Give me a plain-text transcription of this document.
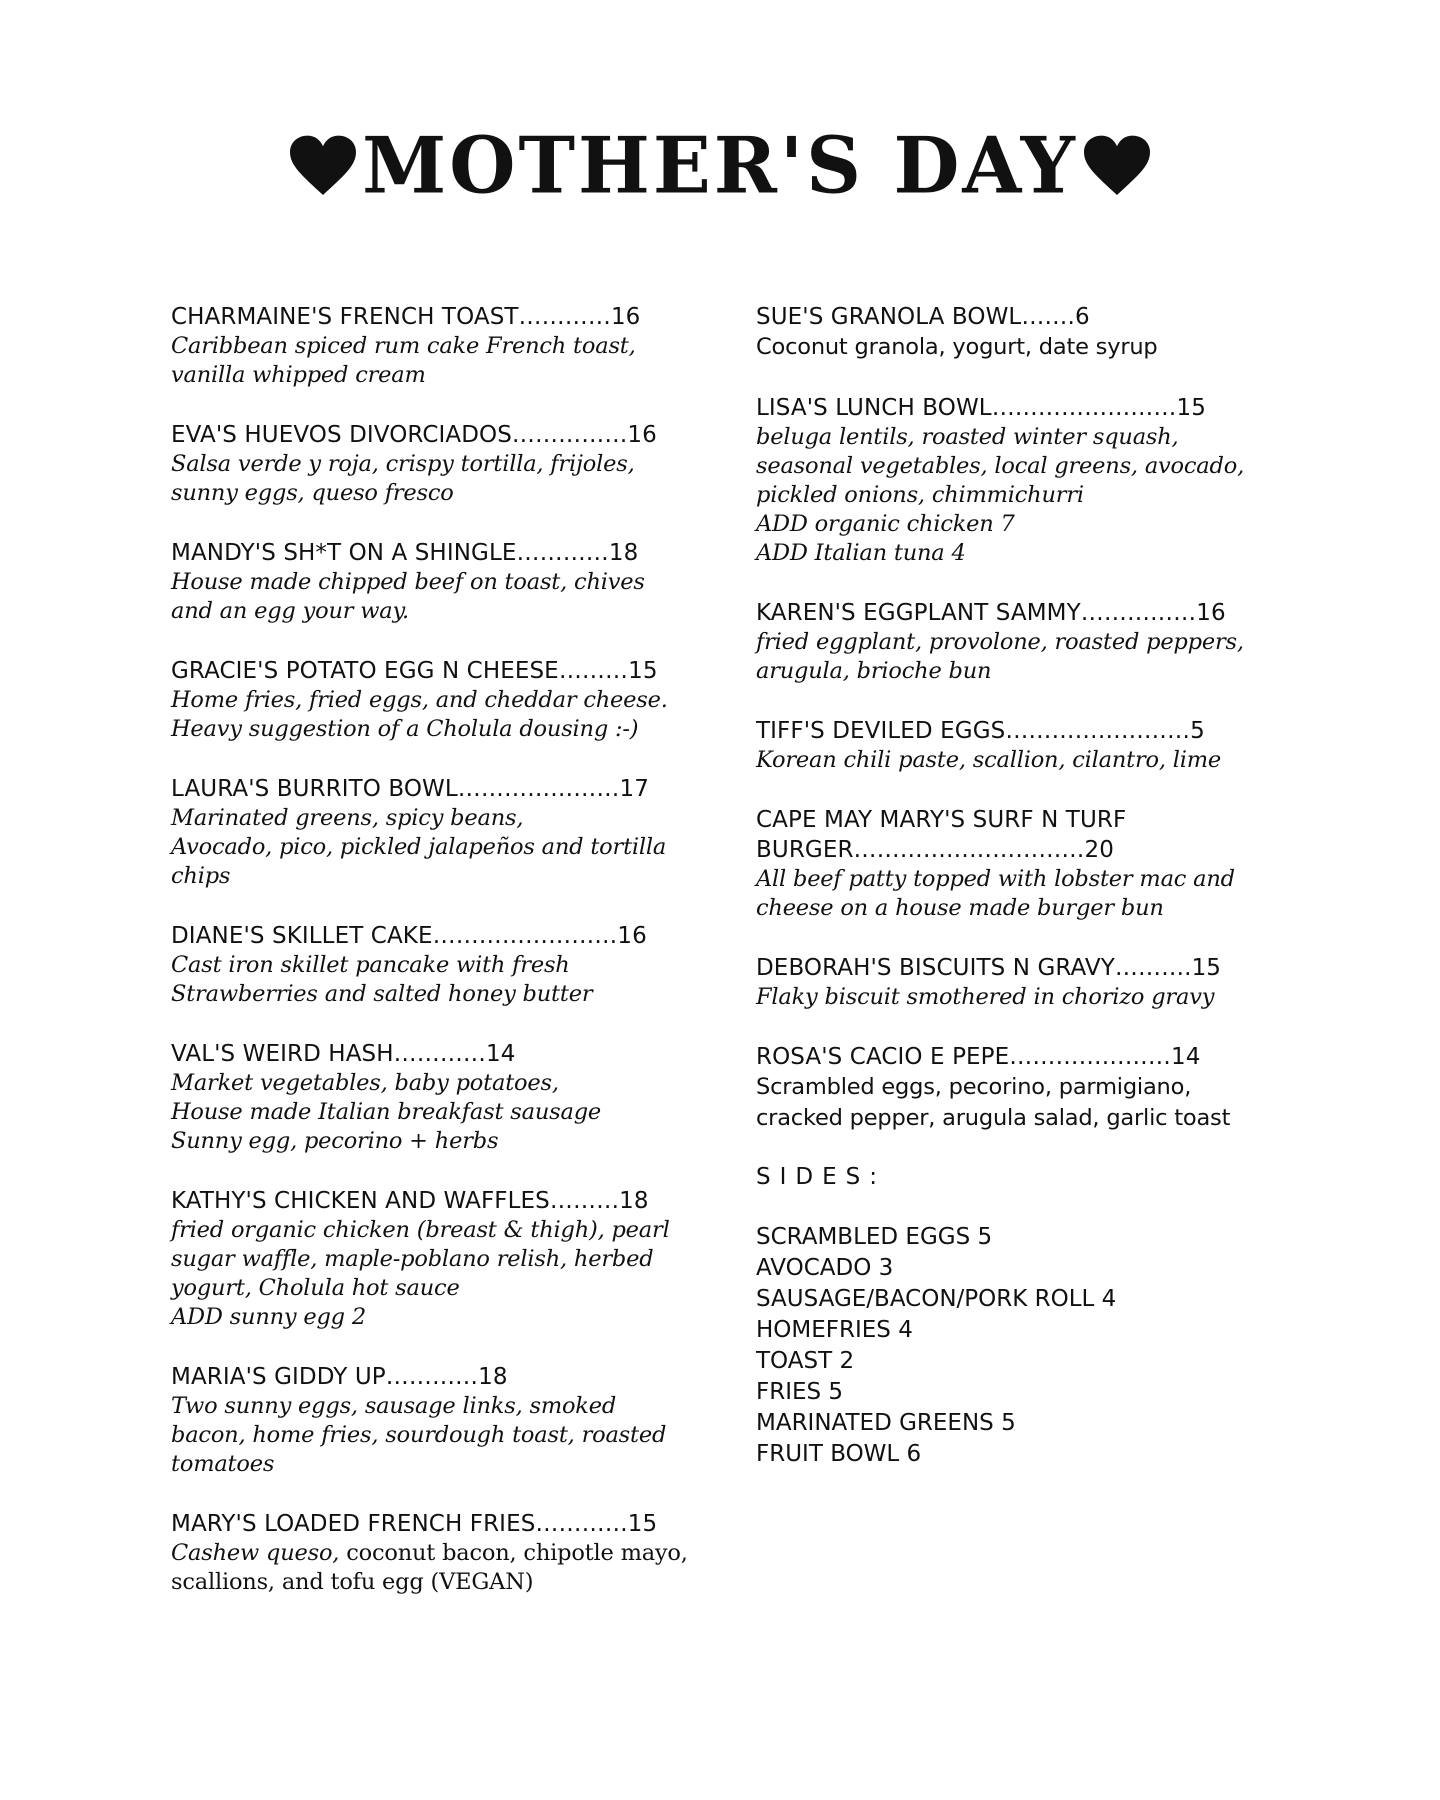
MOTHER'S DAY
CHARMAINE'S FRENCH TOAST…………16
Caribbean spiced rum cake French toast,
vanilla whipped cream
EVA'S HUEVOS DIVORCIADOS……………16
Salsa verde y roja, crispy tortilla, frijoles,
sunny eggs, queso fresco
MANDY'S SH*T ON A SHINGLE…………18
House made chipped beef on toast, chives
and an egg your way.
GRACIE'S POTATO EGG N CHEESE………15
Home fries, fried eggs, and cheddar cheese.
Heavy suggestion of a Cholula dousing :-)
LAURA'S BURRITO BOWL…………………17
Marinated greens, spicy beans,
Avocado, pico, pickled jalapeños and tortilla
chips
DIANE'S SKILLET CAKE……………………16
Cast iron skillet pancake with fresh
Strawberries and salted honey butter
VAL'S WEIRD HASH…………14
Market vegetables, baby potatoes,
House made Italian breakfast sausage
Sunny egg, pecorino + herbs
KATHY'S CHICKEN AND WAFFLES………18
fried organic chicken (breast & thigh), pearl
sugar waffle, maple-poblano relish, herbed
yogurt, Cholula hot sauce
ADD sunny egg 2
MARIA'S GIDDY UP…………18
Two sunny eggs, sausage links, smoked
bacon, home fries, sourdough toast, roasted
tomatoes
MARY'S LOADED FRENCH FRIES…………15
Cashew queso, coconut bacon, chipotle mayo,
scallions, and tofu egg (VEGAN)
SUE'S GRANOLA BOWL…….6
Coconut granola, yogurt, date syrup
LISA'S LUNCH BOWL……………………15
beluga lentils, roasted winter squash,
seasonal vegetables, local greens, avocado,
pickled onions, chimmichurri
ADD organic chicken 7
ADD Italian tuna 4
KAREN'S EGGPLANT SAMMY……………16
fried eggplant, provolone, roasted peppers,
arugula, brioche bun
TIFF'S DEVILED EGGS……………………5
Korean chili paste, scallion, cilantro, lime
CAPE MAY MARY'S SURF N TURF
BURGER…………………………20
All beef patty topped with lobster mac and
cheese on a house made burger bun
DEBORAH'S BISCUITS N GRAVY……….15
Flaky biscuit smothered in chorizo gravy
ROSA'S CACIO E PEPE…………………14
Scrambled eggs, pecorino, parmigiano,
cracked pepper, arugula salad, garlic toast
SIDES:
SCRAMBLED EGGS 5
AVOCADO 3
SAUSAGE/BACON/PORK ROLL 4
HOMEFRIES 4
TOAST 2
FRIES 5
MARINATED GREENS 5
FRUIT BOWL 6
